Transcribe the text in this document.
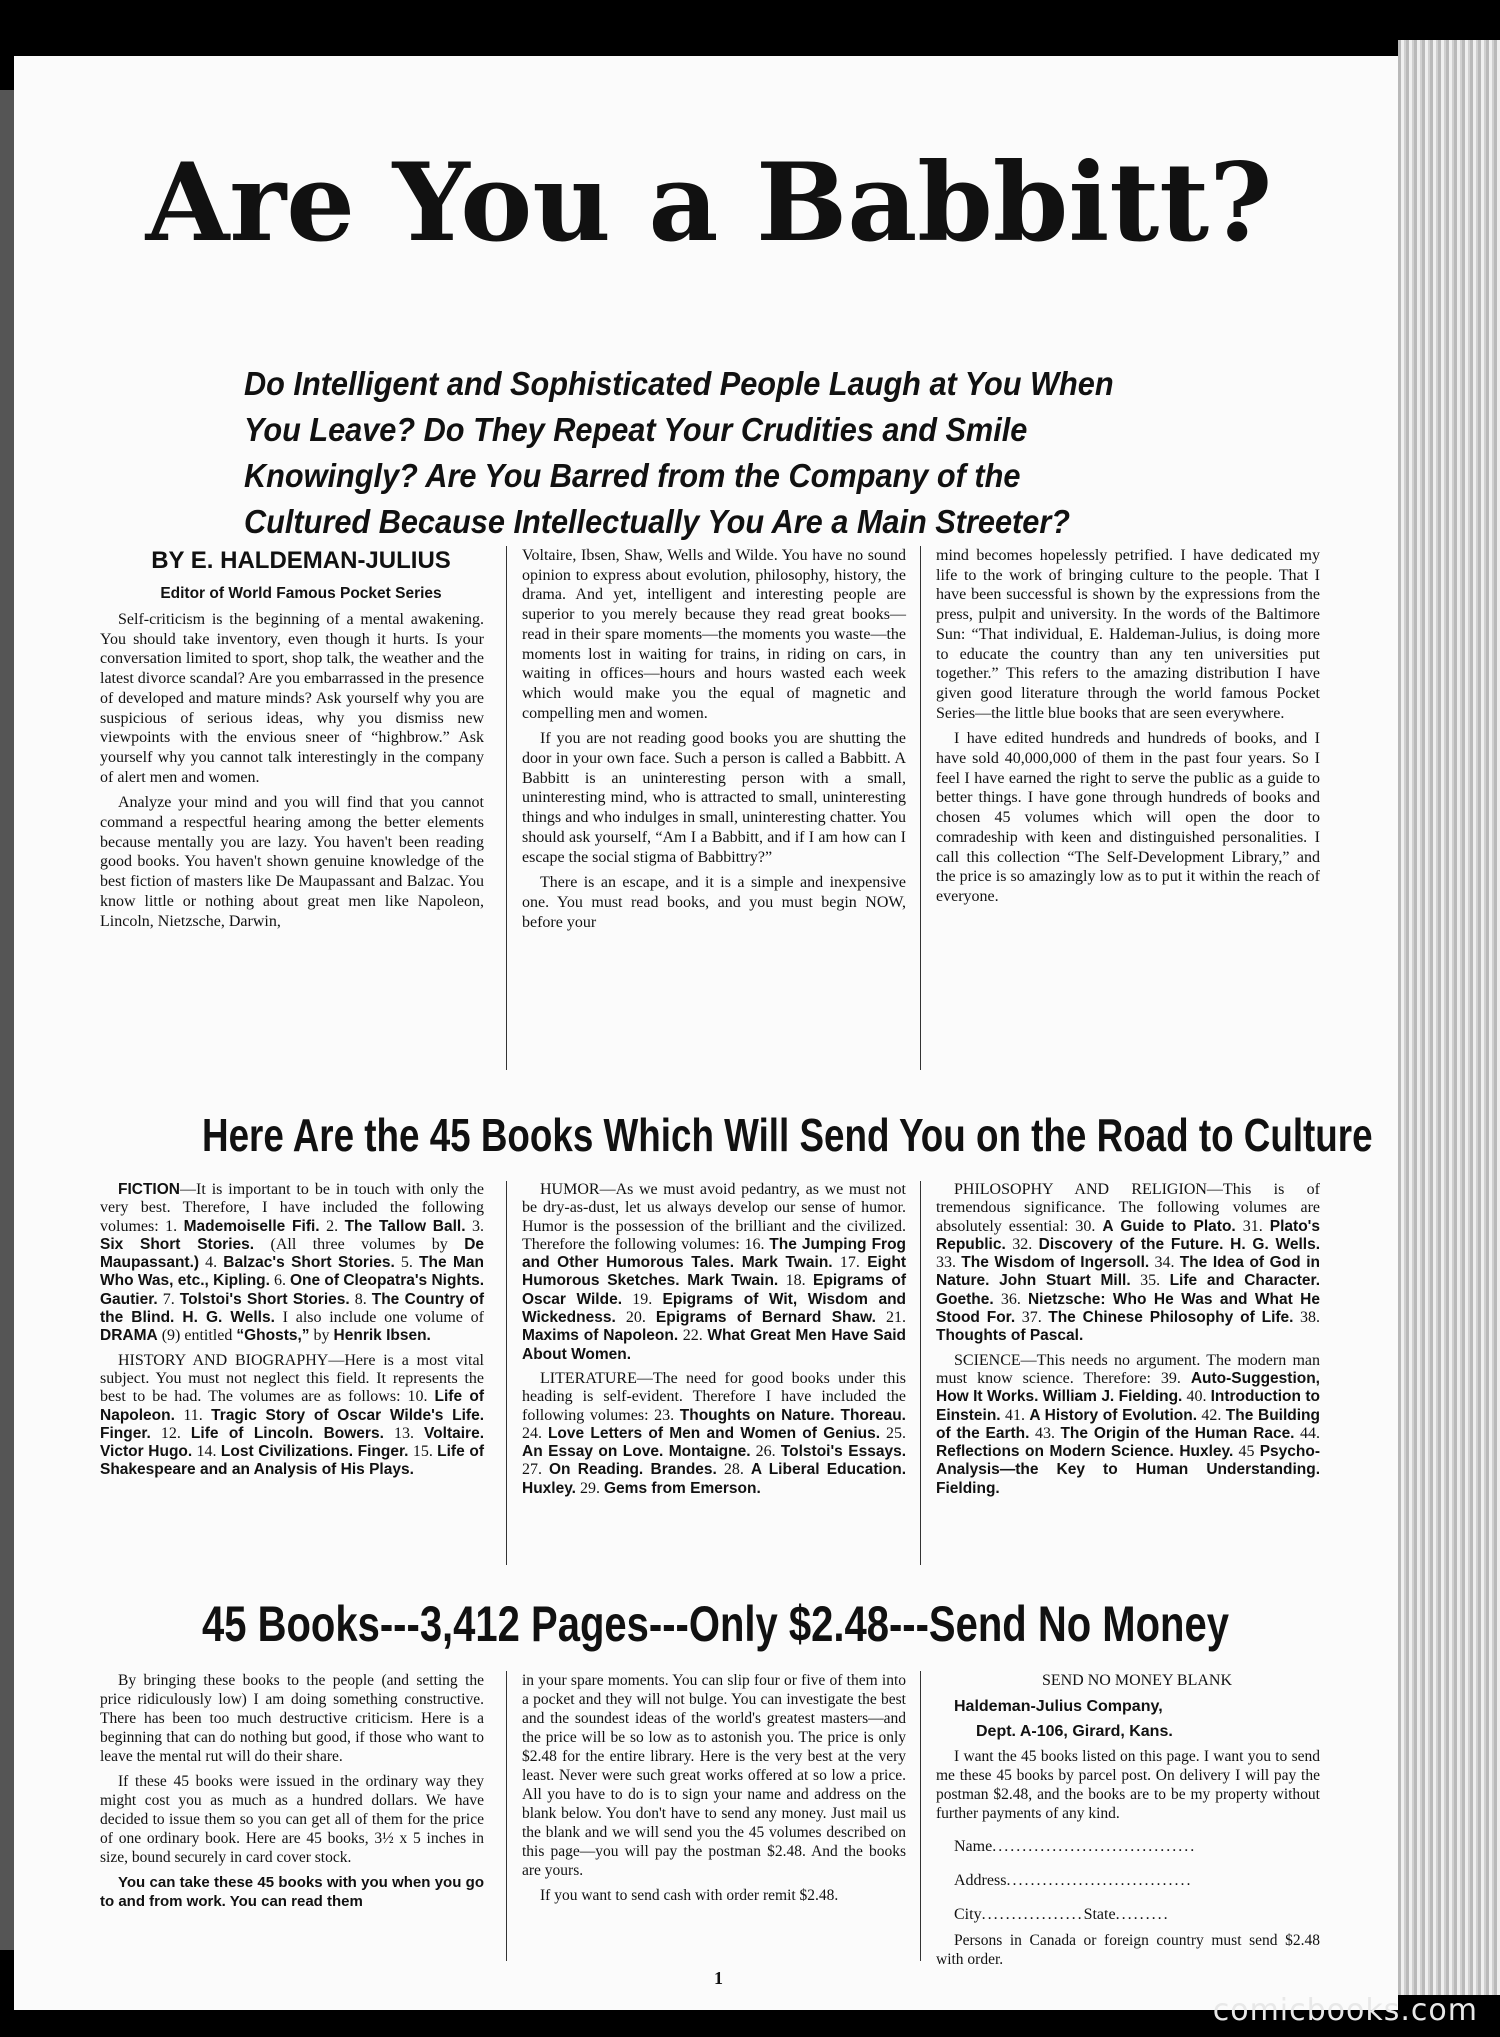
Are You a Babbitt?

Do Intelligent and Sophisticated People Laugh at You When
You Leave? Do They Repeat Your Crudities and Smile
Knowingly? Are You Barred from the Company of the
Cultured Because Intellectually You Are a Main Streeter?

BY E. HALDEMAN-JULIUS

Editor of World Famous Pocket Series

Self-criticism is the beginning of a mental awakening. You should take inventory, even though it hurts. Is your conversation limited to sport, shop talk, the weather and the latest divorce scandal? Are you embarrassed in the presence of developed and mature minds? Ask yourself why you are suspicious of serious ideas, why you dismiss new viewpoints with the envious sneer of “highbrow.” Ask yourself why you cannot talk interestingly in the company of alert men and women.

Analyze your mind and you will find that you cannot command a respectful hearing among the better elements because mentally you are lazy. You haven't been reading good books. You haven't shown genuine knowledge of the best fiction of masters like De Maupassant and Balzac. You know little or nothing about great men like Napoleon, Lincoln, Nietzsche, Darwin,

Voltaire, Ibsen, Shaw, Wells and Wilde. You have no sound opinion to express about evolution, philosophy, history, the drama. And yet, intelligent and interesting people are superior to you merely because they read great books—read in their spare moments—the moments you waste—the moments lost in waiting for trains, in riding on cars, in waiting in offices—hours and hours wasted each week which would make you the equal of magnetic and compelling men and women.

If you are not reading good books you are shutting the door in your own face. Such a person is called a Babbitt. A Babbitt is an uninteresting person with a small, uninteresting mind, who is attracted to small, uninteresting things and who indulges in small, uninteresting chatter. You should ask yourself, “Am I a Babbitt, and if I am how can I escape the social stigma of Babbittry?”

There is an escape, and it is a simple and inexpensive one. You must read books, and you must begin NOW, before your

mind becomes hopelessly petrified. I have dedicated my life to the work of bringing culture to the people. That I have been successful is shown by the expressions from the press, pulpit and university. In the words of the Baltimore Sun: “That individual, E. Haldeman-Julius, is doing more to educate the country than any ten universities put together.” This refers to the amazing distribution I have given good literature through the world famous Pocket Series—the little blue books that are seen everywhere.

I have edited hundreds and hundreds of books, and I have sold 40,000,000 of them in the past four years. So I feel I have earned the right to serve the public as a guide to better things. I have gone through hundreds of books and chosen 45 volumes which will open the door to comradeship with keen and distinguished personalities. I call this collection “The Self-Development Library,” and the price is so amazingly low as to put it within the reach of everyone.

Here Are the 45 Books Which Will Send You on the Road to Culture

FICTION—It is important to be in touch with only the very best. Therefore, I have included the following volumes: 1. Mademoiselle Fifi. 2. The Tallow Ball. 3. Six Short Stories. (All three volumes by De Maupassant.) 4. Balzac's Short Stories. 5. The Man Who Was, etc., Kipling. 6. One of Cleopatra's Nights. Gautier. 7. Tolstoi's Short Stories. 8. The Country of the Blind. H. G. Wells. I also include one volume of DRAMA (9) entitled “Ghosts,” by Henrik Ibsen.

HISTORY AND BIOGRAPHY—Here is a most vital subject. You must not neglect this field. It represents the best to be had. The volumes are as follows: 10. Life of Napoleon. 11. Tragic Story of Oscar Wilde's Life. Finger. 12. Life of Lincoln. Bowers. 13. Voltaire. Victor Hugo. 14. Lost Civilizations. Finger. 15. Life of Shakespeare and an Analysis of His Plays.

HUMOR—As we must avoid pedantry, as we must not be dry-as-dust, let us always develop our sense of humor. Humor is the possession of the brilliant and the civilized. Therefore the following volumes: 16. The Jumping Frog and Other Humorous Tales. Mark Twain. 17. Eight Humorous Sketches. Mark Twain. 18. Epigrams of Oscar Wilde. 19. Epigrams of Wit, Wisdom and Wickedness. 20. Epigrams of Bernard Shaw. 21. Maxims of Napoleon. 22. What Great Men Have Said About Women.

LITERATURE—The need for good books under this heading is self-evident. Therefore I have included the following volumes: 23. Thoughts on Nature. Thoreau. 24. Love Letters of Men and Women of Genius. 25. An Essay on Love. Montaigne. 26. Tolstoi's Essays. 27. On Reading. Brandes. 28. A Liberal Education. Huxley. 29. Gems from Emerson.

PHILOSOPHY AND RELIGION—This is of tremendous significance. The following volumes are absolutely essential: 30. A Guide to Plato. 31. Plato's Republic. 32. Discovery of the Future. H. G. Wells. 33. The Wisdom of Ingersoll. 34. The Idea of God in Nature. John Stuart Mill. 35. Life and Character. Goethe. 36. Nietzsche: Who He Was and What He Stood For. 37. The Chinese Philosophy of Life. 38. Thoughts of Pascal.

SCIENCE—This needs no argument. The modern man must know science. Therefore: 39. Auto-Suggestion, How It Works. William J. Fielding. 40. Introduction to Einstein. 41. A History of Evolution. 42. The Building of the Earth. 43. The Origin of the Human Race. 44. Reflections on Modern Science. Huxley. 45 Psycho-Analysis—the Key to Human Understanding. Fielding.

45 Books---3,412 Pages---Only $2.48---Send No Money

By bringing these books to the people (and setting the price ridiculously low) I am doing something constructive. There has been too much destructive criticism. Here is a beginning that can do nothing but good, if those who want to leave the mental rut will do their share.

If these 45 books were issued in the ordinary way they might cost you as much as a hundred dollars. We have decided to issue them so you can get all of them for the price of one ordinary book. Here are 45 books, 3½ x 5 inches in size, bound securely in card cover stock.

You can take these 45 books with you when you go to and from work. You can read them

in your spare moments. You can slip four or five of them into a pocket and they will not bulge. You can investigate the best and the soundest ideas of the world's greatest masters—and the price will be so low as to astonish you. The price is only $2.48 for the entire library. Here is the very best at the very least. Never were such great works offered at so low a price. All you have to do is to sign your name and address on the blank below. You don't have to send any money. Just mail us the blank and we will send you the 45 volumes described on this page—you will pay the postman $2.48. And the books are yours.

If you want to send cash with order remit $2.48.

SEND NO MONEY BLANK

Haldeman-Julius Company,

Dept. A-106, Girard, Kans.

I want the 45 books listed on this page. I want you to send me these 45 books by parcel post. On delivery I will pay the postman $2.48, and the books are to be my property without further payments of any kind.

Name..................................

Address...............................

City.................State.........

Persons in Canada or foreign country must send $2.48 with order.

1
comicbooks.com
